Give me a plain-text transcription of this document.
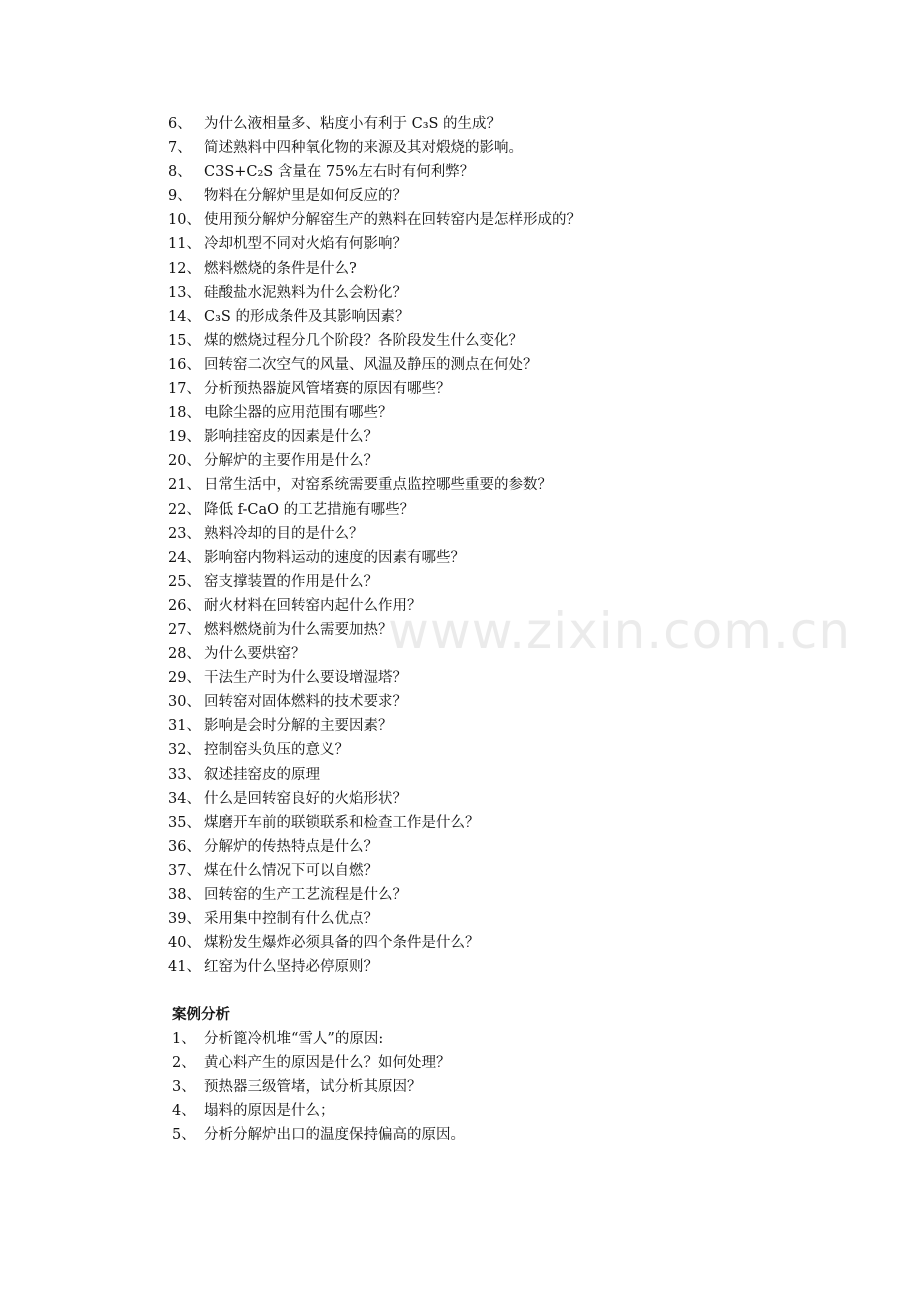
6、 为什么液相量多、粘度小有利于 C₃S 的生成？
7、 简述熟料中四种氧化物的来源及其对煅烧的影响。
8、 C3S+C₂S 含量在 75%左右时有何利弊？
9、 物料在分解炉里是如何反应的？
10、 使用预分解炉分解窑生产的熟料在回转窑内是怎样形成的？
11、 冷却机型不同对火焰有何影响？
12、 燃料燃烧的条件是什么?
13、 硅酸盐水泥熟料为什么会粉化？
14、 C₃S 的形成条件及其影响因素？
15、 煤的燃烧过程分几个阶段？各阶段发生什么变化？
16、 回转窑二次空气的风量、风温及静压的测点在何处？
17、 分析预热器旋风管堵赛的原因有哪些？
18、 电除尘器的应用范围有哪些？
19、 影响挂窑皮的因素是什么？
20、 分解炉的主要作用是什么？
21、 日常生活中，对窑系统需要重点监控哪些重要的参数？
22、 降低 f-CaO 的工艺措施有哪些？
23、 熟料冷却的目的是什么？
24、 影响窑内物料运动的速度的因素有哪些？
25、 窑支撑装置的作用是什么？
26、 耐火材料在回转窑内起什么作用？
27、 燃料燃烧前为什么需要加热？
28、 为什么要烘窑？
29、 干法生产时为什么要设增湿塔？
30、 回转窑对固体燃料的技术要求？
31、 影响是会时分解的主要因素？
32、 控制窑头负压的意义？
33、 叙述挂窑皮的原理
34、 什么是回转窑良好的火焰形状？
35、 煤磨开车前的联锁联系和检查工作是什么？
36、 分解炉的传热特点是什么？
37、 煤在什么情况下可以自燃？
38、 回转窑的生产工艺流程是什么？
39、 采用集中控制有什么优点？
40、 煤粉发生爆炸必须具备的四个条件是什么？
41、 红窑为什么坚持必停原则？
案例分析
1、 分析篦冷机堆“雪人”的原因:
2、 黄心料产生的原因是什么？如何处理？
3、 预热器三级管堵，试分析其原因？
4、 塌料的原因是什么；
5、 分析分解炉出口的温度保持偏高的原因。
www.zixin.com.cn
